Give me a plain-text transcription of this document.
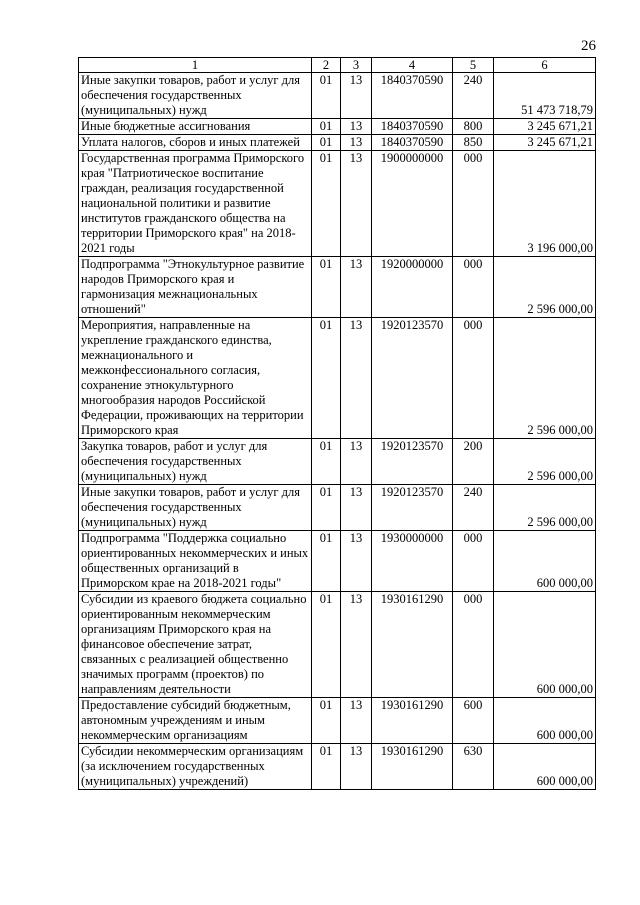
26
1	2	3	4	5	6
Иные закупки товаров, работ и услуг для обеспечения государственных (муниципальных) нужд	01	13	1840370590	240	51 473 718,79
Иные бюджетные ассигнования	01	13	1840370590	800	3 245 671,21
Уплата налогов, сборов и иных платежей	01	13	1840370590	850	3 245 671,21
Государственная программа Приморского края "Патриотическое воспитание граждан, реализация государственной национальной политики и развитие институтов гражданского общества на территории Приморского края" на 2018-2021 годы	01	13	1900000000	000	3 196 000,00
Подпрограмма "Этнокультурное развитие народов Приморского края и гармонизация межнациональных отношений"	01	13	1920000000	000	2 596 000,00
Мероприятия, направленные на укрепление гражданского единства, межнационального и межконфессионального согласия, сохранение этнокультурного многообразия народов Российской Федерации, проживающих на территории Приморского края	01	13	1920123570	000	2 596 000,00
Закупка товаров, работ и услуг для обеспечения государственных (муниципальных) нужд	01	13	1920123570	200	2 596 000,00
Иные закупки товаров, работ и услуг для обеспечения государственных (муниципальных) нужд	01	13	1920123570	240	2 596 000,00
Подпрограмма "Поддержка социально ориентированных некоммерческих и иных общественных организаций в Приморском крае на 2018-2021 годы"	01	13	1930000000	000	600 000,00
Субсидии из краевого бюджета социально ориентированным некоммерческим организациям Приморского края на финансовое обеспечение затрат, связанных с реализацией общественно значимых программ (проектов) по направлениям деятельности	01	13	1930161290	000	600 000,00
Предоставление субсидий бюджетным, автономным учреждениям и иным некоммерческим организациям	01	13	1930161290	600	600 000,00
Субсидии некоммерческим организациям (за исключением государственных (муниципальных) учреждений)	01	13	1930161290	630	600 000,00
